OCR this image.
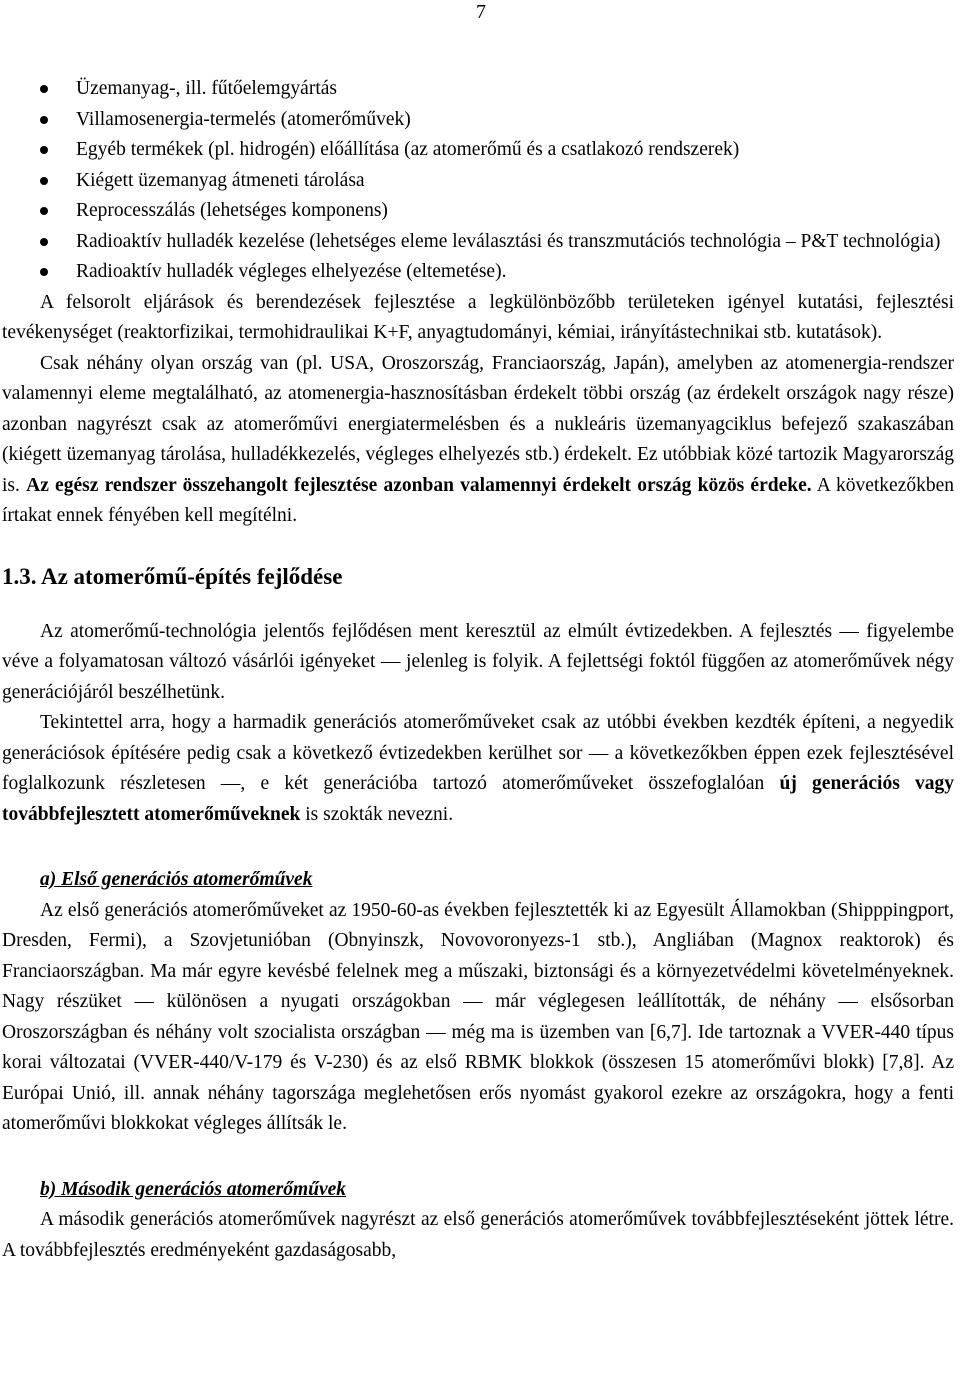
7
Üzemanyag-, ill. fűtőelemgyártás
Villamosenergia-termelés (atomerőművek)
Egyéb termékek (pl. hidrogén) előállítása (az atomerőmű és a csatlakozó rendszerek)
Kiégett üzemanyag átmeneti tárolása
Reprocesszálás (lehetséges komponens)
Radioaktív hulladék kezelése (lehetséges eleme leválasztási és transzmutációs technológia – P&T technológia)
Radioaktív hulladék végleges elhelyezése (eltemetése).

A felsorolt eljárások és berendezések fejlesztése a legkülönbözőbb területeken igényel kutatási, fejlesztési tevékenységet (reaktorfizikai, termohidraulikai K+F, anyagtudományi, kémiai, irányítástechnikai stb. kutatások).

Csak néhány olyan ország van (pl. USA, Oroszország, Franciaország, Japán), amelyben az atomenergia-rendszer valamennyi eleme megtalálható, az atomenergia-hasznosításban érdekelt többi ország (az érdekelt országok nagy része) azonban nagyrészt csak az atomerőművi energiatermelésben és a nukleáris üzemanyagciklus befejező szakaszában (kiégett üzemanyag tárolása, hulladékkezelés, végleges elhelyezés stb.) érdekelt. Ez utóbbiak közé tartozik Magyarország is. Az egész rendszer összehangolt fejlesztése azonban valamennyi érdekelt ország közös érdeke. A következőkben írtakat ennek fényében kell megítélni.

1.3. Az atomerőmű-építés fejlődése

Az atomerőmű-technológia jelentős fejlődésen ment keresztül az elmúlt évtizedekben. A fejlesztés — figyelembe véve a folyamatosan változó vásárlói igényeket — jelenleg is folyik. A fejlettségi foktól függően az atomerőművek négy generációjáról beszélhetünk.

Tekintettel arra, hogy a harmadik generációs atomerőműveket csak az utóbbi években kezdték építeni, a negyedik generációsok építésére pedig csak a következő évtizedekben kerülhet sor — a következőkben éppen ezek fejlesztésével foglalkozunk részletesen —, e két generációba tartozó atomerőműveket összefoglalóan új generációs vagy továbbfejlesztett atomerőműveknek is szokták nevezni.

a) Első generációs atomerőművek

Az első generációs atomerőműveket az 1950-60-as években fejlesztették ki az Egyesült Államokban (Shipppingport, Dresden, Fermi), a Szovjetunióban (Obnyinszk, Novovoronyezs-1 stb.), Angliában (Magnox reaktorok) és Franciaországban. Ma már egyre kevésbé felelnek meg a műszaki, biztonsági és a környezetvédelmi követelményeknek. Nagy részüket — különösen a nyugati országokban — már véglegesen leállították, de néhány — elsősorban Oroszországban és néhány volt szocialista országban — még ma is üzemben van [6,7]. Ide tartoznak a VVER-440 típus korai változatai (VVER-440/V-179 és V-230) és az első RBMK blokkok (összesen 15 atomerőművi blokk) [7,8]. Az Európai Unió, ill. annak néhány tagországa meglehetősen erős nyomást gyakorol ezekre az országokra, hogy a fenti atomerőművi blokkokat végleges állítsák le.

b) Második generációs atomerőművek

A második generációs atomerőművek nagyrészt az első generációs atomerőművek továbbfejlesztéseként jöttek létre. A továbbfejlesztés eredményeként gazdaságosabb,
